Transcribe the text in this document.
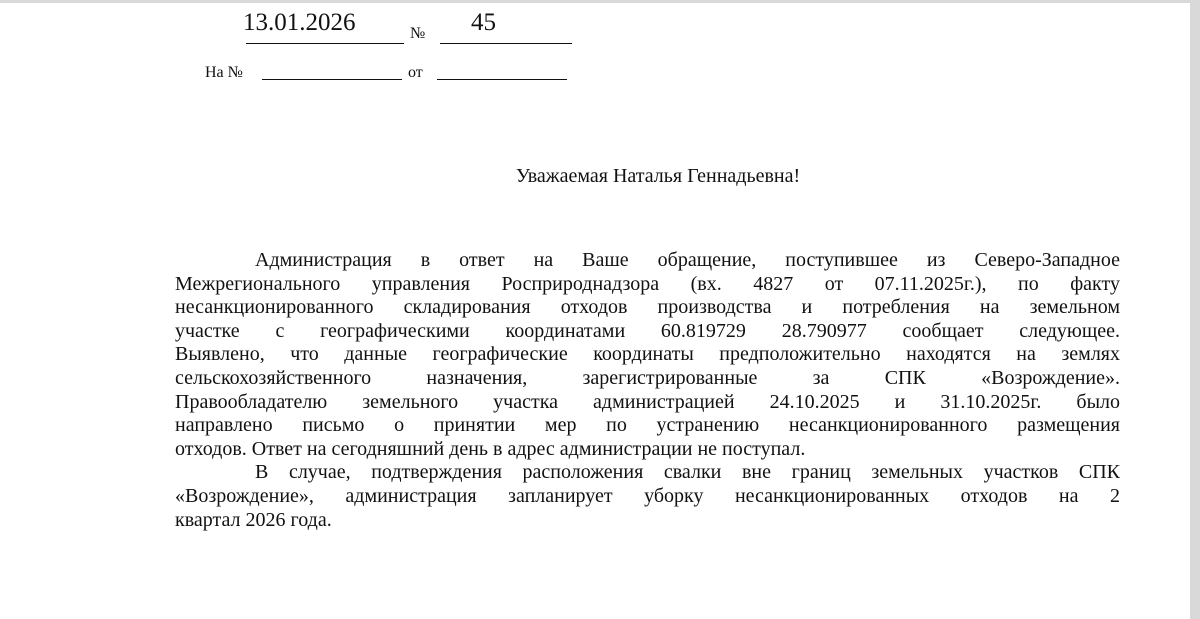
13.01.2026	№ 45
На №	от
Уважаемая Наталья Геннадьевна!
Администрация в ответ на Ваше обращение, поступившее из Северо-Западное
Межрегионального управления Росприроднадзора (вх. 4827 от 07.11.2025г.), по факту
несанкционированного складирования отходов производства и потребления на земельном
участке с географическими координатами 60.819729 28.790977 сообщает следующее.
Выявлено, что данные географические координаты предположительно находятся на землях
сельскохозяйственного назначения, зарегистрированные за СПК «Возрождение».
Правообладателю земельного участка администрацией 24.10.2025 и 31.10.2025г. было
направлено письмо о принятии мер по устранению несанкционированного размещения
отходов. Ответ на сегодняшний день в адрес администрации не поступал.
В случае, подтверждения расположения свалки вне границ земельных участков СПК
«Возрождение», администрация запланирует уборку несанкционированных отходов на 2
квартал 2026 года.
